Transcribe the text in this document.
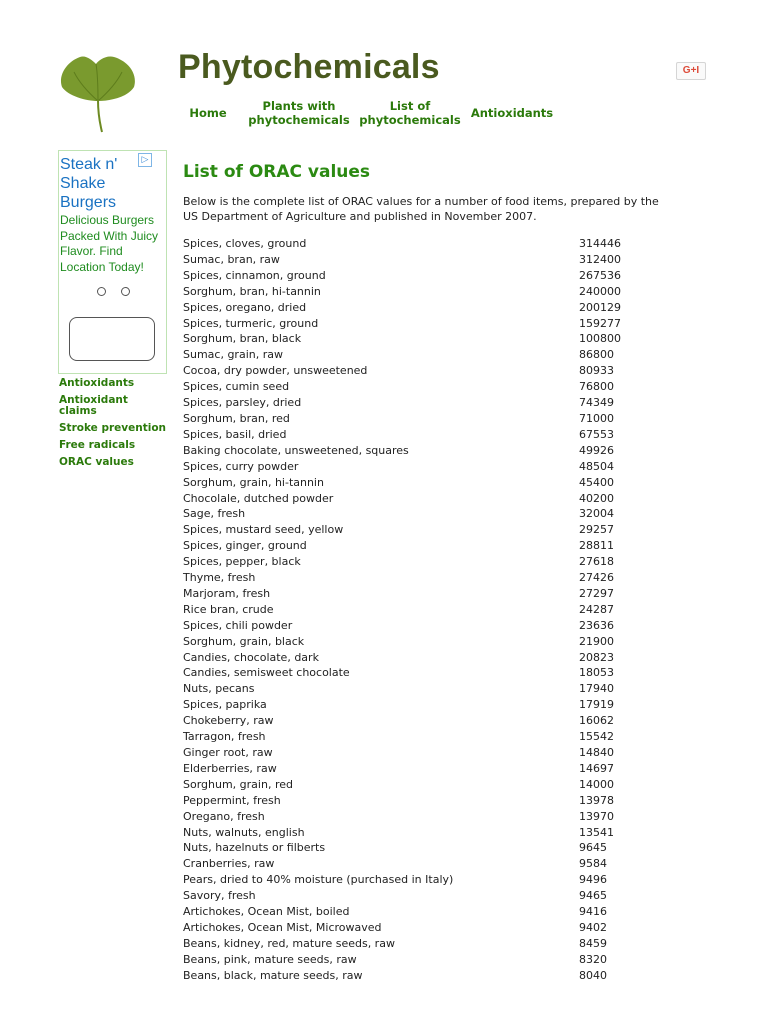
Phytochemicals	G+I
Home	Plants with phytochemicals
List of phytochemicals Antioxidants
▷
Steak n' Shake Burgers
Delicious Burgers Packed With Juicy Flavor. Find Location Today!
Antioxidants
Antioxidant claims
Stroke prevention
Free radicals
ORAC values
List of ORAC values

Below is the complete list of ORAC values for a number of food items, prepared by the US Department of Agriculture and published in November 2007.

Spices, cloves, ground	314446
Sumac, bran, raw	312400
Spices, cinnamon, ground	267536
Sorghum, bran, hi-tannin	240000
Spices, oregano, dried	200129
Spices, turmeric, ground	159277
Sorghum, bran, black	100800
Sumac, grain, raw	86800
Cocoa, dry powder, unsweetened	80933
Spices, cumin seed	76800
Spices, parsley, dried	74349
Sorghum, bran, red	71000
Spices, basil, dried	67553
Baking chocolate, unsweetened, squares	49926
Spices, curry powder	48504
Sorghum, grain, hi-tannin	45400
Chocolale, dutched powder	40200
Sage, fresh	32004
Spices, mustard seed, yellow	29257
Spices, ginger, ground	28811
Spices, pepper, black	27618
Thyme, fresh	27426
Marjoram, fresh	27297
Rice bran, crude	24287
Spices, chili powder	23636
Sorghum, grain, black	21900
Candies, chocolate, dark	20823
Candies, semisweet chocolate	18053
Nuts, pecans	17940
Spices, paprika	17919
Chokeberry, raw	16062
Tarragon, fresh	15542
Ginger root, raw	14840
Elderberries, raw	14697
Sorghum, grain, red	14000
Peppermint, fresh	13978
Oregano, fresh	13970
Nuts, walnuts, english	13541
Nuts, hazelnuts or filberts	9645
Cranberries, raw	9584
Pears, dried to 40% moisture (purchased in Italy)	9496
Savory, fresh	9465
Artichokes, Ocean Mist, boiled	9416
Artichokes, Ocean Mist, Microwaved	9402
Beans, kidney, red, mature seeds, raw	8459
Beans, pink, mature seeds, raw	8320
Beans, black, mature seeds, raw	8040
